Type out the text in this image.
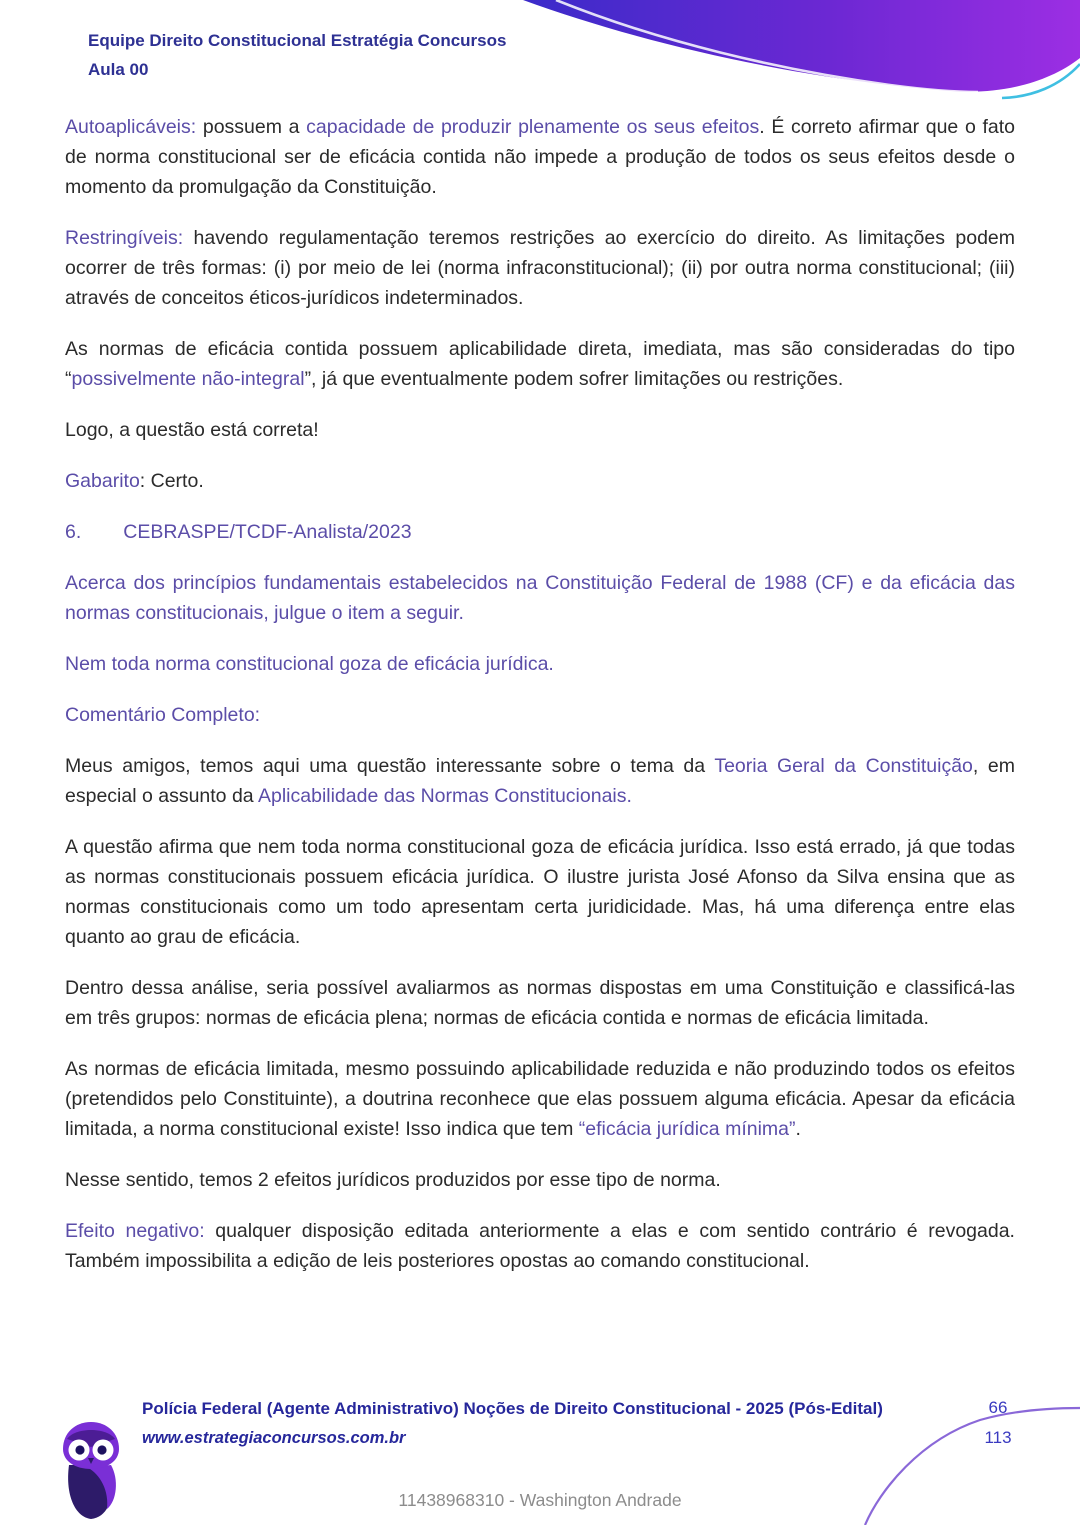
Equipe Direito Constitucional Estratégia Concursos
Aula 00

Autoaplicáveis: possuem a capacidade de produzir plenamente os seus efeitos. É correto afirmar que o fato de norma constitucional ser de eficácia contida não impede a produção de todos os seus efeitos desde o momento da promulgação da Constituição.

Restringíveis: havendo regulamentação teremos restrições ao exercício do direito. As limitações podem ocorrer de três formas: (i) por meio de lei (norma infraconstitucional); (ii) por outra norma constitucional; (iii) através de conceitos éticos-jurídicos indeterminados.

As normas de eficácia contida possuem aplicabilidade direta, imediata, mas são consideradas do tipo “possivelmente não-integral”, já que eventualmente podem sofrer limitações ou restrições.

Logo, a questão está correta!

Gabarito: Certo.

6. CEBRASPE/TCDF-Analista/2023

Acerca dos princípios fundamentais estabelecidos na Constituição Federal de 1988 (CF) e da eficácia das normas constitucionais, julgue o item a seguir.

Nem toda norma constitucional goza de eficácia jurídica.

Comentário Completo:

Meus amigos, temos aqui uma questão interessante sobre o tema da Teoria Geral da Constituição, em especial o assunto da Aplicabilidade das Normas Constitucionais.

A questão afirma que nem toda norma constitucional goza de eficácia jurídica. Isso está errado, já que todas as normas constitucionais possuem eficácia jurídica. O ilustre jurista José Afonso da Silva ensina que as normas constitucionais como um todo apresentam certa juridicidade. Mas, há uma diferença entre elas quanto ao grau de eficácia.

Dentro dessa análise, seria possível avaliarmos as normas dispostas em uma Constituição e classificá-las em três grupos: normas de eficácia plena; normas de eficácia contida e normas de eficácia limitada.

As normas de eficácia limitada, mesmo possuindo aplicabilidade reduzida e não produzindo todos os efeitos (pretendidos pelo Constituinte), a doutrina reconhece que elas possuem alguma eficácia. Apesar da eficácia limitada, a norma constitucional existe! Isso indica que tem “eficácia jurídica mínima”.

Nesse sentido, temos 2 efeitos jurídicos produzidos por esse tipo de norma.

Efeito negativo: qualquer disposição editada anteriormente a elas e com sentido contrário é revogada. Também impossibilita a edição de leis posteriores opostas ao comando constitucional.

Polícia Federal (Agente Administrativo) Noções de Direito Constitucional - 2025 (Pós-Edital)
www.estrategiaconcursos.com.br
66
113
11438968310 - Washington Andrade
